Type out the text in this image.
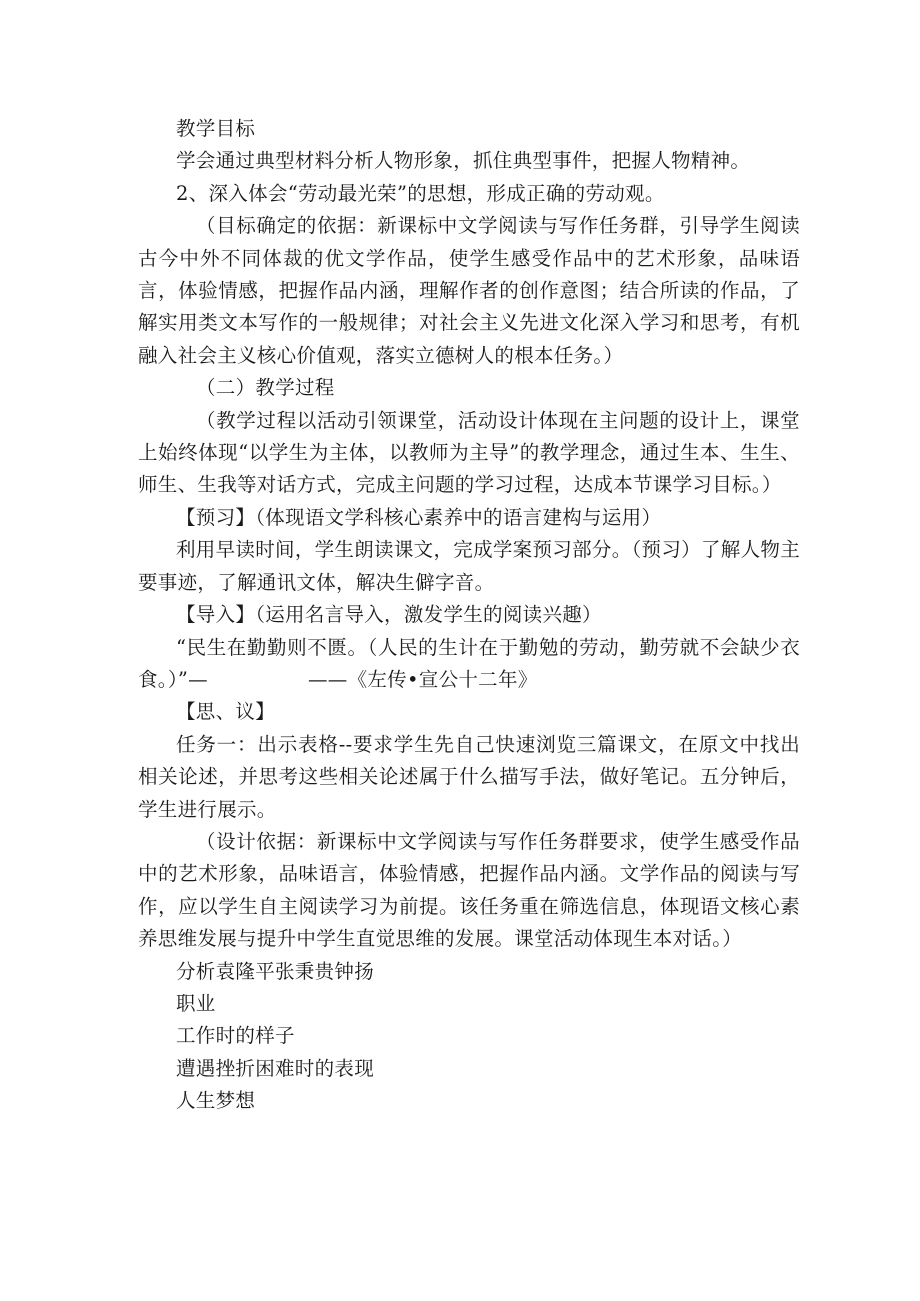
教学目标

学会通过典型材料分析人物形象，抓住典型事件，把握人物精神。

2、深入体会“劳动最光荣”的思想，形成正确的劳动观。

（目标确定的依据：新课标中文学阅读与写作任务群，引导学生阅读古今中外不同体裁的优文学作品，使学生感受作品中的艺术形象，品味语言，体验情感，把握作品内涵，理解作者的创作意图；结合所读的作品，了解实用类文本写作的一般规律；对社会主义先进文化深入学习和思考，有机融入社会主义核心价值观，落实立德树人的根本任务。）

（二）教学过程

（教学过程以活动引领课堂，活动设计体现在主问题的设计上，课堂上始终体现“以学生为主体，以教师为主导”的教学理念，通过生本、生生、师生、生我等对话方式，完成主问题的学习过程，达成本节课学习目标。）

【预习】（体现语文学科核心素养中的语言建构与运用）

利用早读时间，学生朗读课文，完成学案预习部分。（预习）了解人物主要事迹，了解通讯文体，解决生僻字音。

【导入】（运用名言导入，激发学生的阅读兴趣）

“民生在勤勤则不匮。（人民的生计在于勤勉的劳动，勤劳就不会缺少衣食。）”—	——《左传•宣公十二年》

【思、议】

任务一：出示表格--要求学生先自己快速浏览三篇课文，在原文中找出相关论述，并思考这些相关论述属于什么描写手法，做好笔记。五分钟后，学生进行展示。

（设计依据：新课标中文学阅读与写作任务群要求，使学生感受作品中的艺术形象，品味语言，体验情感，把握作品内涵。文学作品的阅读与写作，应以学生自主阅读学习为前提。该任务重在筛选信息，体现语文核心素养思维发展与提升中学生直觉思维的发展。课堂活动体现生本对话。）

分析袁隆平张秉贵钟扬

职业

工作时的样子

遭遇挫折困难时的表现

人生梦想
